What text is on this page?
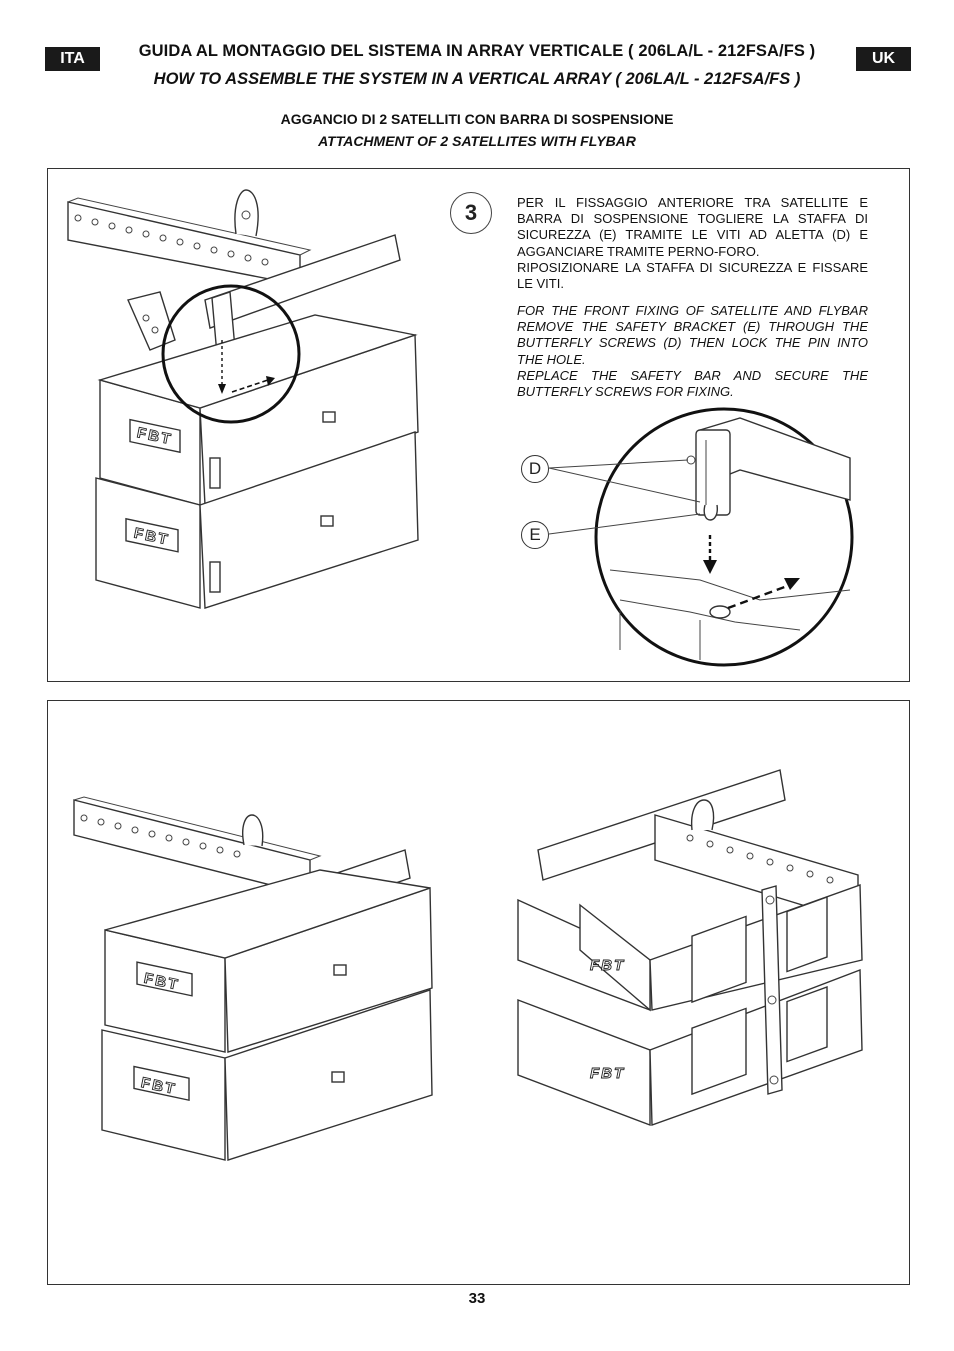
ITA	UK
GUIDA AL MONTAGGIO DEL SISTEMA IN ARRAY VERTICALE ( 206LA/L - 212FSA/FS )
HOW TO ASSEMBLE THE SYSTEM IN A VERTICAL ARRAY ( 206LA/L - 212FSA/FS )
AGGANCIO DI 2 SATELLITI CON BARRA DI SOSPENSIONE
ATTACHMENT OF 2 SATELLITES WITH FLYBAR
FBT
FBT
3	PER IL FISSAGGIO ANTERIORE TRA SATELLITE E BARRA DI SOSPENSIONE TOGLIERE LA STAFFA DI SICUREZZA (E) TRAMITE LE VITI AD ALETTA (D) E AGGANCIARE TRAMITE PERNO-FORO.

RIPOSIZIONARE LA STAFFA DI SICUREZZA E FISSARE LE VITI.

FOR THE FRONT FIXING OF SATELLITE AND FLYBAR REMOVE THE SAFETY BRACKET (E) THROUGH THE BUTTERFLY SCREWS (D) THEN LOCK THE PIN INTO THE HOLE.

REPLACE THE SAFETY BAR AND SECURE THE BUTTERFLY SCREWS FOR FIXING.

D
E
FBT
FBT
FBT
FBT
33
